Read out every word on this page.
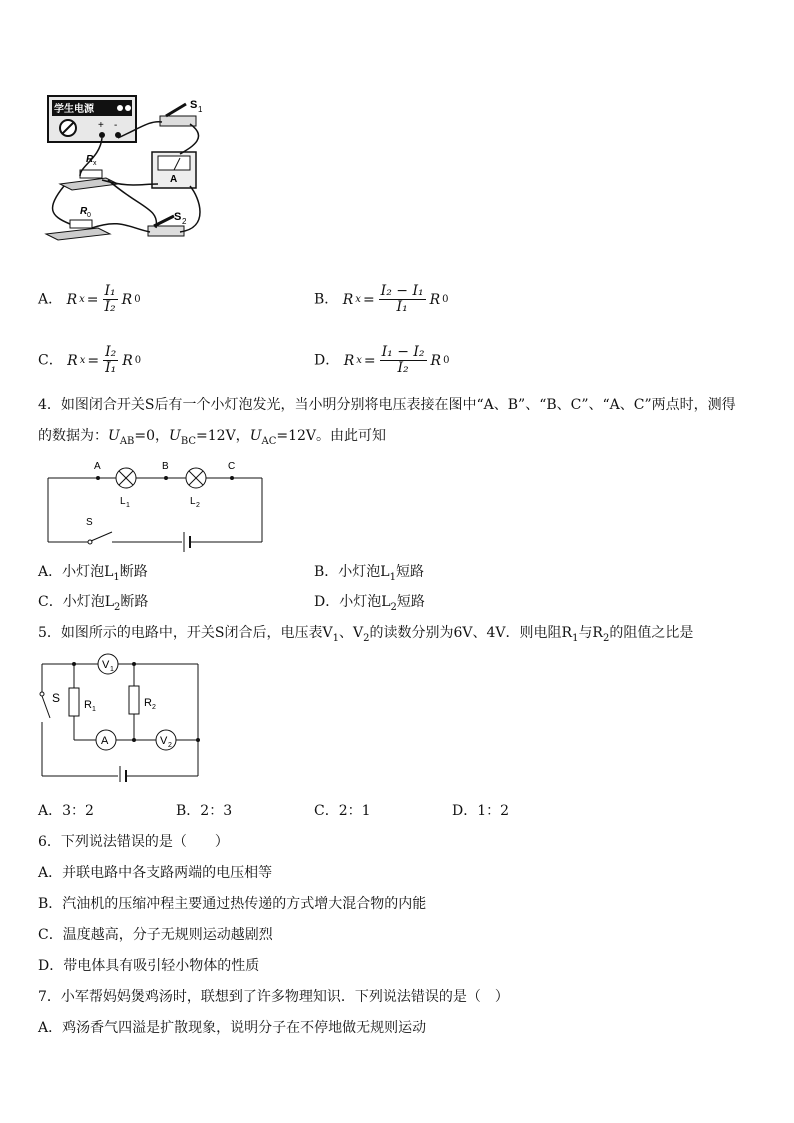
学生电源
+ -
S 1
R x
A
R 0	S 2
A． R $x = \frac{\text{I₁}}{\text{I₂}}$ R 0	B． R $x = \frac{\text{I₂ − I₁}}{\text{I₁}}$ R 0
C． R $x = \frac{\text{I₂}}{\text{I₁}}$ R 0	D． R $x = \frac{\text{I₁ − I₂}}{\text{I₂}}$ R 0
4．如图闭合开关S后有一个小灯泡发光，当小明分别将电压表接在图中“A、B”、“B、C”、“A、C”两点时，测得
的数据为：$U_{AB}=0$，$U_{BC}=12V$，$U_{AC}=12V$。由此可知
A	B	C
L 1	L 2
S
A．小灯泡$L_1$断路	B．小灯泡$L_1$短路
C．小灯泡$L_2$断路	D．小灯泡$L_2$短路
5．如图所示的电路中，开关S闭合后，电压表$V_1$、$V_2$的读数分别为6V、4V．则电阻$R_1$与$R_2$的阻值之比是
S
V 1
R 1
R 2
A	V 2
A．3：2	B．2：3	C．2：1	D．1：2
6．下列说法错误的是（　　）
A．并联电路中各支路两端的电压相等
B．汽油机的压缩冲程主要通过热传递的方式增大混合物的内能
C．温度越高，分子无规则运动越剧烈
D．带电体具有吸引轻小物体的性质
7．小军帮妈妈煲鸡汤时，联想到了许多物理知识．下列说法错误的是（　）
A．鸡汤香气四溢是扩散现象，说明分子在不停地做无规则运动
